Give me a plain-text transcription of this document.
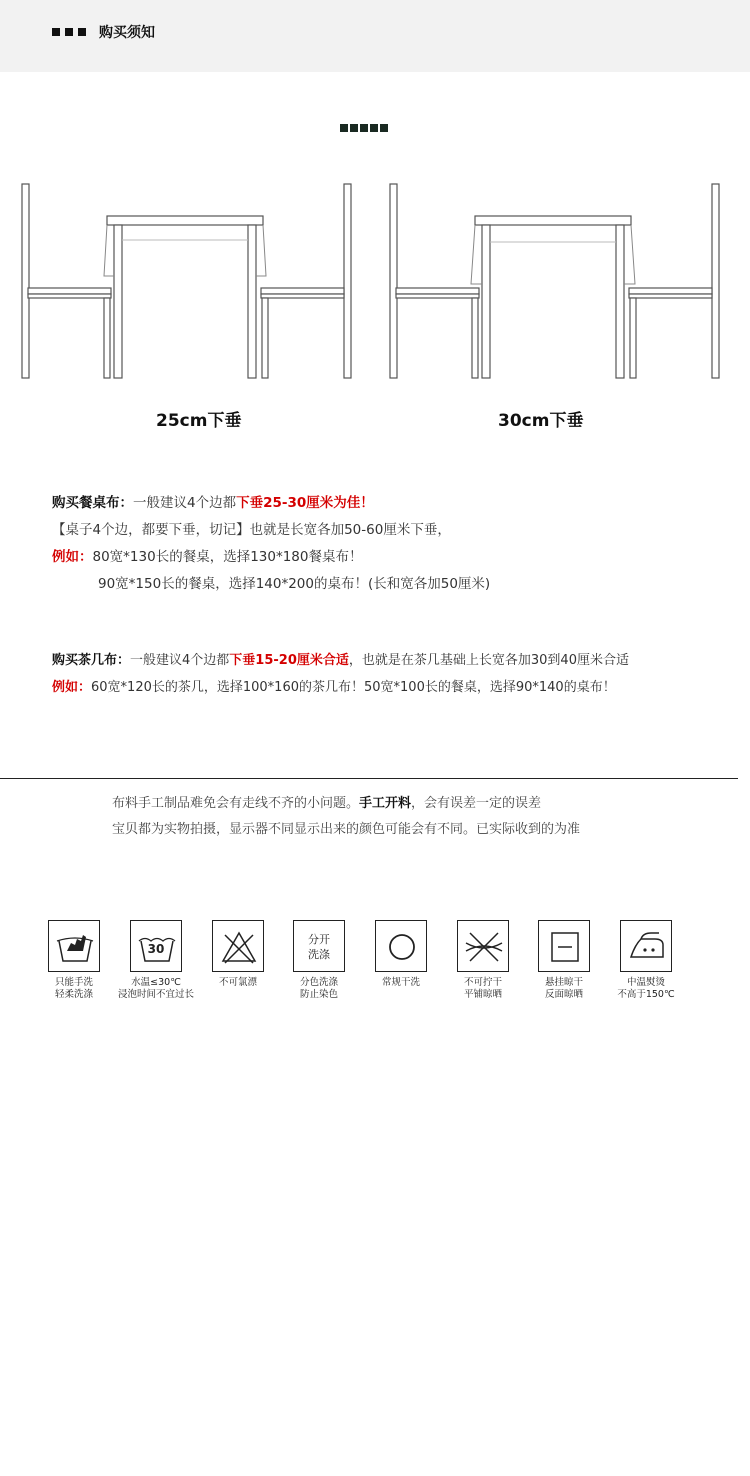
购买须知
25cm下垂	30cm下垂
购买餐桌布：一般建议4个边都下垂25-30厘米为佳！
【桌子4个边，都要下垂，切记】也就是长宽各加50-60厘米下垂，
例如：80宽*130长的餐桌，选择130*180餐桌布！
90宽*150长的餐桌，选择140*200的桌布！(长和宽各加50厘米)
购买茶几布：一般建议4个边都下垂15-20厘米合适，也就是在茶几基础上长宽各加30到40厘米合适
例如：60宽*120长的茶几，选择100*160的茶几布！50宽*100长的餐桌，选择90*140的桌布！
布料手工制品难免会有走线不齐的小问题。手工开料，会有误差一定的误差
宝贝都为实物拍摄，显示器不同显示出来的颜色可能会有不同。已实际收到的为准
只能手洗
轻柔洗涤
30
水温≤30℃
浸泡时间不宜过长
不可氯漂
分开
洗涤
分色洗涤
防止染色
常规干洗	不可拧干
平铺晾晒
悬挂晾干
反面晾晒
中温熨烫
不高于150℃
